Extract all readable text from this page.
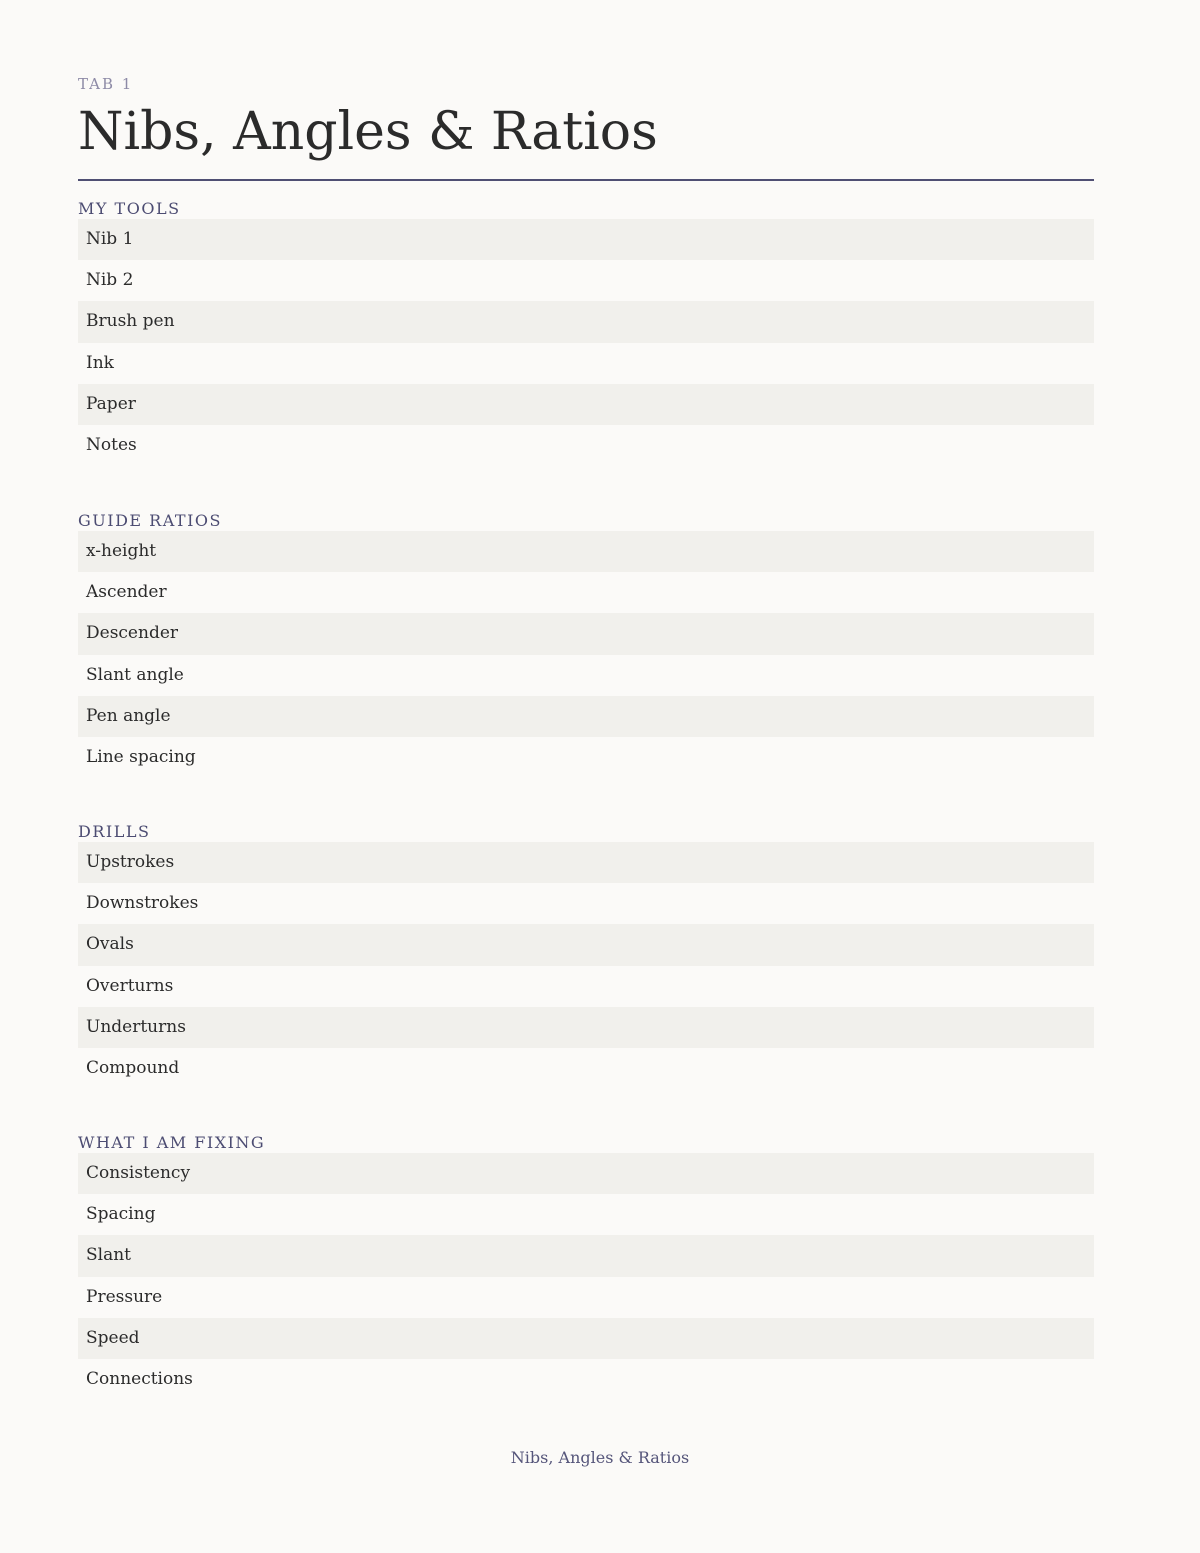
TAB 1
Nibs, Angles & Ratios
MY TOOLS
Nib 1
Nib 2
Brush pen
Ink
Paper
Notes
GUIDE RATIOS
x-height
Ascender
Descender
Slant angle
Pen angle
Line spacing
DRILLS
Upstrokes
Downstrokes
Ovals
Overturns
Underturns
Compound
WHAT I AM FIXING
Consistency
Spacing
Slant
Pressure
Speed
Connections
Nibs, Angles & Ratios
